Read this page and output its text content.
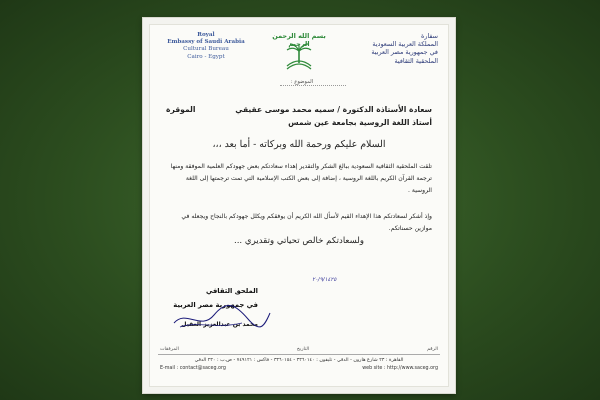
Royal
Embassy of Saudi Arabia
Cultural Bureau
Cairo - Egypt
بسم الله الرحمن الرحيم
سفارة
المملكة العربية السعودية
في جمهورية مصر العربية
الملحقية الثقافية
الموضوع :
سعادة الأستاذة الدكتورة / سميه محمد موسى عقيقي
الموقرة
أستاذ اللغة الروسية بجامعة عين شمس
السلام عليكم ورحمة الله وبركاته - أما بعد ،،،
تلقت الملحقية الثقافية السعودية ببالغ الشكر والتقدير إهداء سعادتكم بعض جهودكم العلمية الموفقة ومنها ترجمة القرآن الكريم باللغة الروسية ، إضافة إلى بعض الكتب الإسلامية التي تمت ترجمتها إلى اللغة الروسية .
وإذ أشكر لسعادتكم هذا الإهداء القيم لأسأل الله الكريم أن يوفقكم ويكلل جهودكم بالنجاح ويجعله في موازين حسناتكم.
ولسعادتكم خالص تحياتي وتقديري ...
٢٠/٩/١٤٢٥
الملحق الثقافي
في جمهورية مصر العربية
محمد بن عبدالعزيز العقيل
الرقم
التاريخ
المرفقات
القاهرة : ٢٣ شارع هارون - الدقي - تليفون : ٣٣٦٠١٤٠ - ٣٣٦٠١٥٤ - فاكس : ٧٤٩١٢١ - ص.ب : ٢٣٠ الدقي
E-mail : contact@saceg.org	web site : http://www.saceg.org
